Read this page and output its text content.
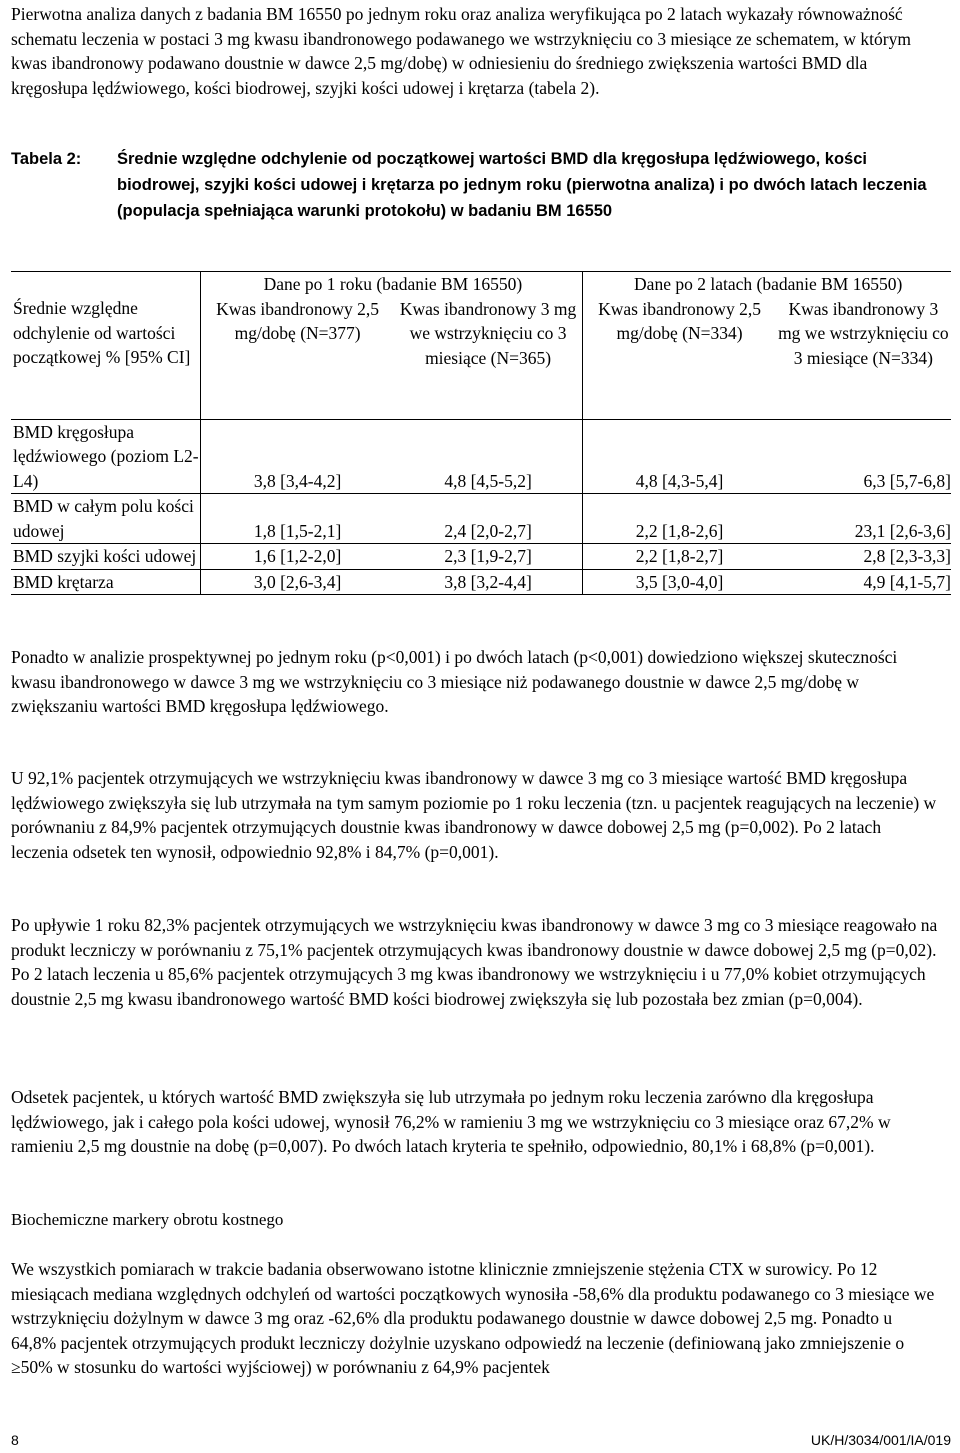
Pierwotna analiza danych z badania BM 16550 po jednym roku oraz analiza weryfikująca po 2 latach wykazały równoważność schematu leczenia w postaci 3 mg kwasu ibandronowego podawanego we wstrzyknięciu co 3 miesiące ze schematem, w którym kwas ibandronowy podawano doustnie w dawce 2,5 mg/dobę) w odniesieniu do średniego zwiększenia wartości BMD dla kręgosłupa lędźwiowego, kości biodrowej, szyjki kości udowej i krętarza (tabela 2).

Tabela 2: Średnie względne odchylenie od początkowej wartości BMD dla kręgosłupa lędźwiowego, kości biodrowej, szyjki kości udowej i krętarza po jednym roku (pierwotna analiza) i po dwóch latach leczenia (populacja spełniająca warunki protokołu) w badaniu BM 16550
Średnie względne odchylenie od wartości początkowej % [95% CI]	Dane po 1 roku (badanie BM 16550)		Dane po 2 latach (badanie BM 16550)	
	Kwas ibandronowy 2,5 mg/dobę (N=377)	Kwas ibandronowy 3 mg we wstrzyknięciu co 3 miesiące (N=365)	Kwas ibandronowy 2,5 mg/dobę (N=334)	Kwas ibandronowy 3 mg we wstrzyknięciu co 3 miesiące (N=334)
BMD kręgosłupa lędźwiowego (poziom L2-L4)	3,8 [3,4-4,2]	4,8 [4,5-5,2]	4,8 [4,3-5,4]	6,3 [5,7-6,8]
BMD w całym polu kości udowej	1,8 [1,5-2,1]	2,4 [2,0-2,7]	2,2 [1,8-2,6]	23,1 [2,6-3,6]
BMD szyjki kości udowej	1,6 [1,2-2,0]	2,3 [1,9-2,7]	2,2 [1,8-2,7]	2,8 [2,3-3,3]
BMD krętarza	3,0 [2,6-3,4]	3,8 [3,2-4,4]	3,5 [3,0-4,0]	4,9 [4,1-5,7]

Ponadto w analizie prospektywnej po jednym roku (p<0,001) i po dwóch latach (p<0,001) dowiedziono większej skuteczności kwasu ibandronowego w dawce 3 mg we wstrzyknięciu co 3 miesiące niż podawanego doustnie w dawce 2,5 mg/dobę w zwiększaniu wartości BMD kręgosłupa lędźwiowego.

U 92,1% pacjentek otrzymujących we wstrzyknięciu kwas ibandronowy w dawce 3 mg co 3 miesiące wartość BMD kręgosłupa lędźwiowego zwiększyła się lub utrzymała na tym samym poziomie po 1 roku leczenia (tzn. u pacjentek reagujących na leczenie) w porównaniu z 84,9% pacjentek otrzymujących doustnie kwas ibandronowy w dawce dobowej 2,5 mg (p=0,002). Po 2 latach leczenia odsetek ten wynosił, odpowiednio 92,8% i 84,7% (p=0,001).

Po upływie 1 roku 82,3% pacjentek otrzymujących we wstrzyknięciu kwas ibandronowy w dawce 3 mg co 3 miesiące reagowało na produkt leczniczy w porównaniu z 75,1% pacjentek otrzymujących kwas ibandronowy doustnie w dawce dobowej 2,5 mg (p=0,02). Po 2 latach leczenia u 85,6% pacjentek otrzymujących 3 mg kwas ibandronowy we wstrzyknięciu i u 77,0% kobiet otrzymujących doustnie 2,5 mg kwasu ibandronowego wartość BMD kości biodrowej zwiększyła się lub pozostała bez zmian (p=0,004).

Odsetek pacjentek, u których wartość BMD zwiększyła się lub utrzymała po jednym roku leczenia zarówno dla kręgosłupa lędźwiowego, jak i całego pola kości udowej, wynosił 76,2% w ramieniu 3 mg we wstrzyknięciu co 3 miesiące oraz 67,2% w ramieniu 2,5 mg doustnie na dobę (p=0,007). Po dwóch latach kryteria te spełniło, odpowiednio, 80,1% i 68,8% (p=0,001).

Biochemiczne markery obrotu kostnego

We wszystkich pomiarach w trakcie badania obserwowano istotne klinicznie zmniejszenie stężenia CTX w surowicy. Po 12 miesiącach mediana względnych odchyleń od wartości początkowych wynosiła -58,6% dla produktu podawanego co 3 miesiące we wstrzyknięciu dożylnym w dawce 3 mg oraz -62,6% dla produktu podawanego doustnie w dawce dobowej 2,5 mg. Ponadto u 64,8% pacjentek otrzymujących produkt leczniczy dożylnie uzyskano odpowiedź na leczenie (definiowaną jako zmniejszenie o ≥50% w stosunku do wartości wyjściowej) w porównaniu z 64,9% pacjentek

8	UK/H/3034/001/IA/019
